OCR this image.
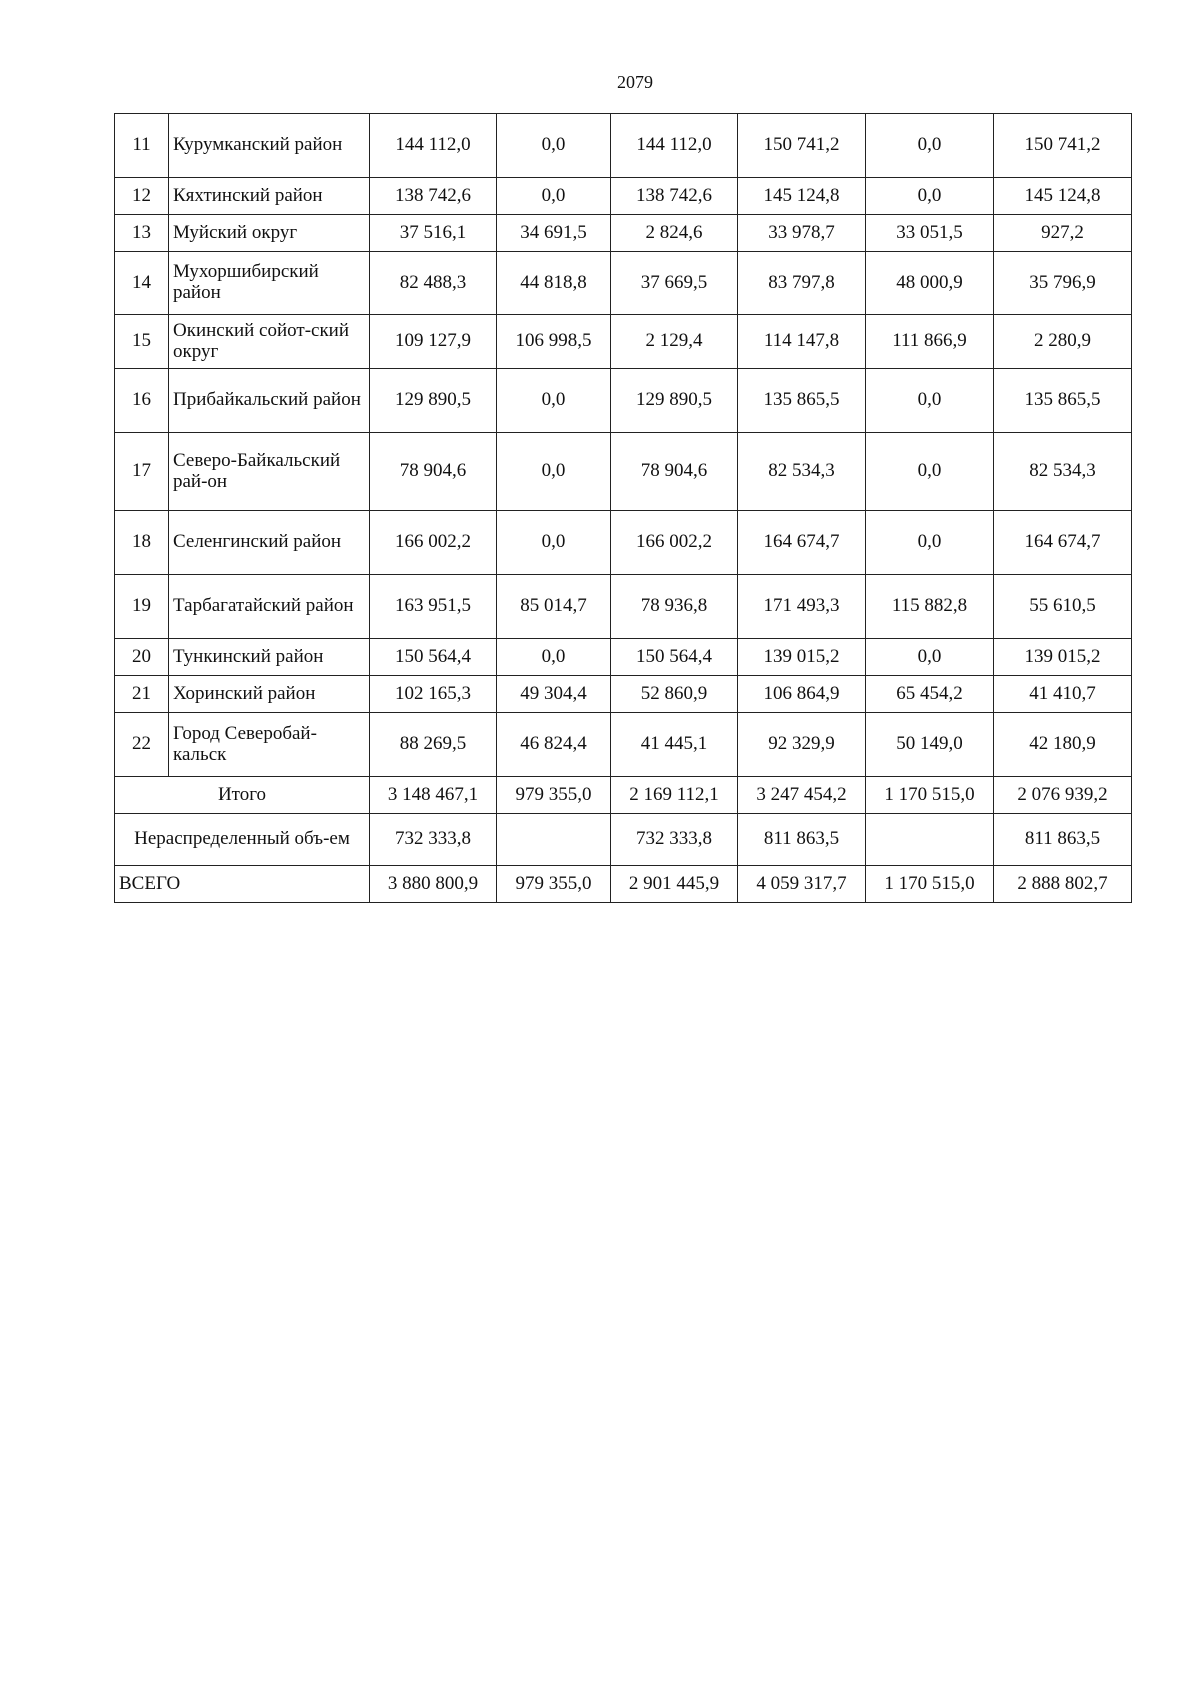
2079
11	Курумканский район	144 112,0	0,0	144 112,0	150 741,2	0,0	150 741,2
12	Кяхтинский район	138 742,6	0,0	138 742,6	145 124,8	0,0	145 124,8
13	Муйский округ	37 516,1	34 691,5	2 824,6	33 978,7	33 051,5	927,2
14	Мухоршибирский район	82 488,3	44 818,8	37 669,5	83 797,8	48 000,9	35 796,9
15	Окинский сойот-ский округ	109 127,9	106 998,5	2 129,4	114 147,8	111 866,9	2 280,9
16	Прибайкальский район	129 890,5	0,0	129 890,5	135 865,5	0,0	135 865,5
17	Северо-Байкальский рай-он	78 904,6	0,0	78 904,6	82 534,3	0,0	82 534,3
18	Селенгинский район	166 002,2	0,0	166 002,2	164 674,7	0,0	164 674,7
19	Тарбагатайский район	163 951,5	85 014,7	78 936,8	171 493,3	115 882,8	55 610,5
20	Тункинский район	150 564,4	0,0	150 564,4	139 015,2	0,0	139 015,2
21	Хоринский район	102 165,3	49 304,4	52 860,9	106 864,9	65 454,2	41 410,7
22	Город Северобай-кальск	88 269,5	46 824,4	41 445,1	92 329,9	50 149,0	42 180,9
Итого		3 148 467,1	979 355,0	2 169 112,1	3 247 454,2	1 170 515,0	2 076 939,2
Нераспределенный объ-ем		732 333,8		732 333,8	811 863,5		811 863,5
ВСЕГО		3 880 800,9	979 355,0	2 901 445,9	4 059 317,7	1 170 515,0	2 888 802,7
